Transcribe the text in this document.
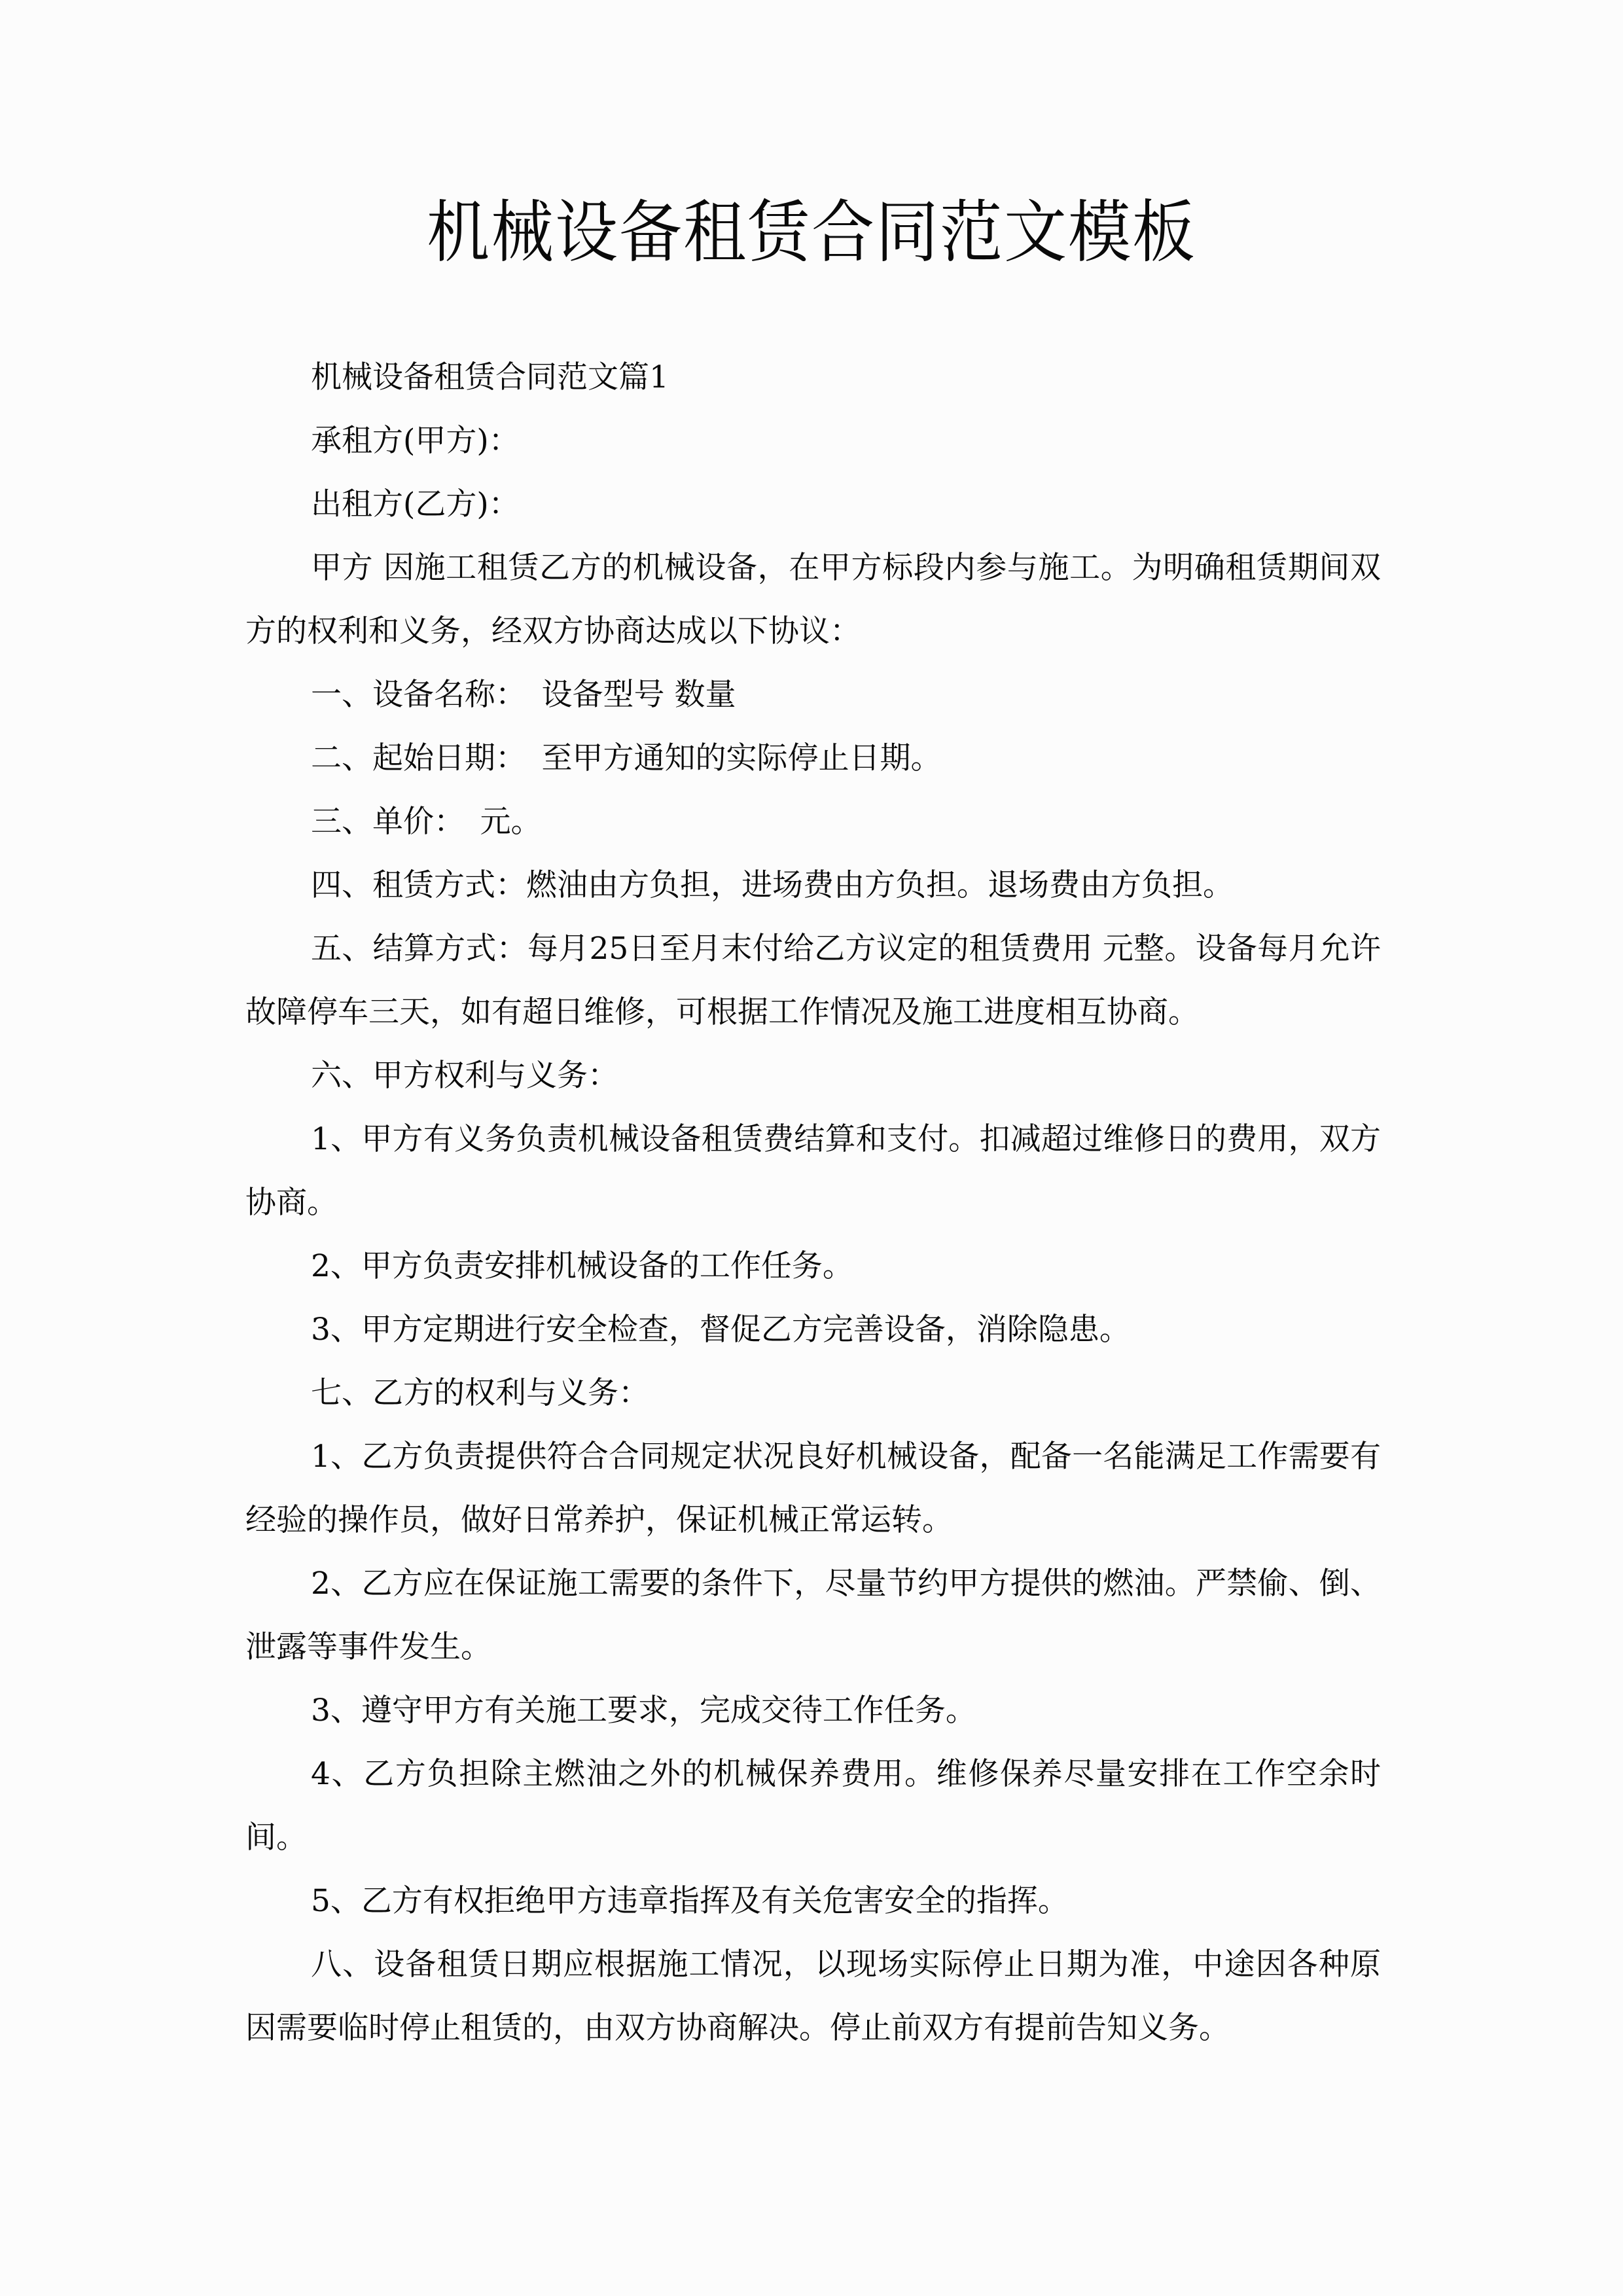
机械设备租赁合同范文模板

机械设备租赁合同范文篇1

承租方(甲方)：

出租方(乙方)：

甲方 因施工租赁乙方的机械设备，在甲方标段内参与施工。为明确租赁期间双方的权利和义务，经双方协商达成以下协议：

一、设备名称：　设备型号 数量

二、起始日期：　至甲方通知的实际停止日期。

三、单价：　元。

四、租赁方式：燃油由方负担，进场费由方负担。退场费由方负担。

五、结算方式：每月25日至月末付给乙方议定的租赁费用 元整。设备每月允许故障停车三天，如有超日维修，可根据工作情况及施工进度相互协商。

六、甲方权利与义务：

1、甲方有义务负责机械设备租赁费结算和支付。扣减超过维修日的费用，双方协商。

2、甲方负责安排机械设备的工作任务。

3、甲方定期进行安全检查，督促乙方完善设备，消除隐患。

七、乙方的权利与义务：

1、乙方负责提供符合合同规定状况良好机械设备，配备一名能满足工作需要有经验的操作员，做好日常养护，保证机械正常运转。

2、乙方应在保证施工需要的条件下，尽量节约甲方提供的燃油。严禁偷、倒、泄露等事件发生。

3、遵守甲方有关施工要求，完成交待工作任务。

4、乙方负担除主燃油之外的机械保养费用。维修保养尽量安排在工作空余时间。

5、乙方有权拒绝甲方违章指挥及有关危害安全的指挥。

八、设备租赁日期应根据施工情况，以现场实际停止日期为准，中途因各种原因需要临时停止租赁的，由双方协商解决。停止前双方有提前告知义务。
